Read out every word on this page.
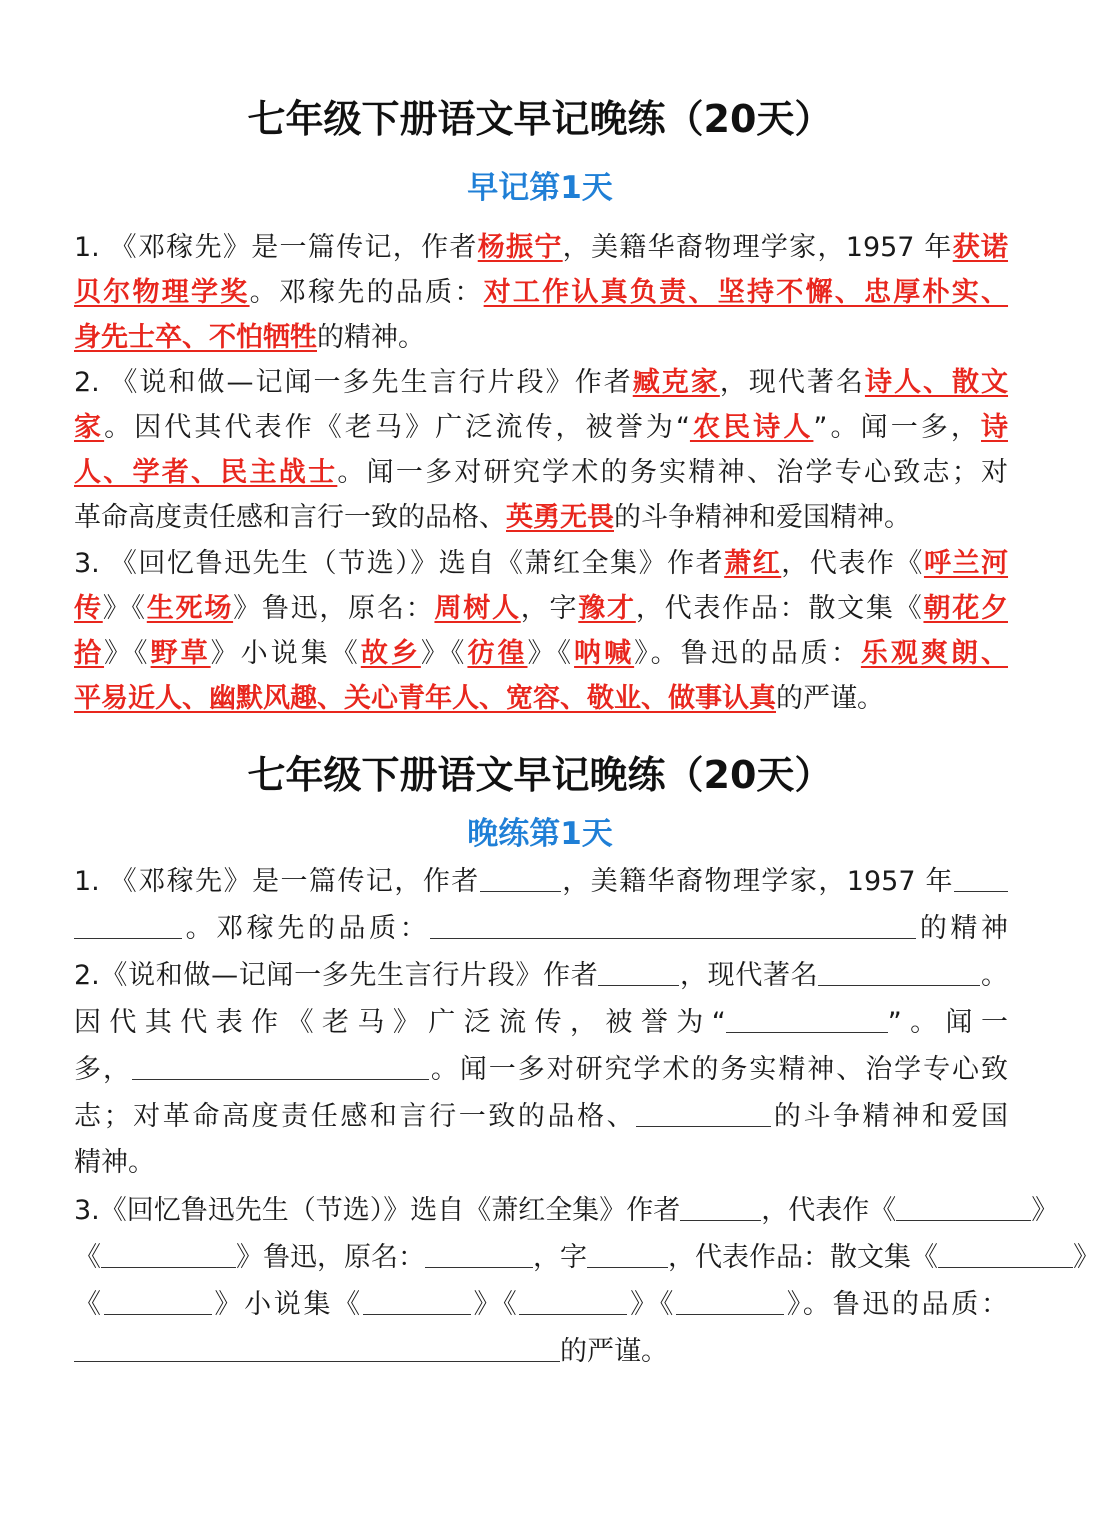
七年级下册语文早记晚练（20天）
早记第1天
1. 《邓稼先》是一篇传记，作者杨振宁，美籍华裔物理学家，1957 年获诺
贝尔物理学奖。邓稼先的品质：对工作认真负责、坚持不懈、忠厚朴实、
身先士卒、不怕牺牲的精神。
2. 《说和做—记闻一多先生言行片段》作者臧克家，现代著名诗人、散文
家。因代其代表作《老马》广泛流传，被誉为“农民诗人”。闻一多，诗
人、学者、民主战士。闻一多对研究学术的务实精神、治学专心致志；对
革命高度责任感和言行一致的品格、英勇无畏的斗争精神和爱国精神。
3. 《回忆鲁迅先生（节选）》选自《萧红全集》作者萧红，代表作《呼兰河
传》《生死场》鲁迅，原名：周树人，字豫才，代表作品：散文集《朝花夕
拾》《野草》小说集《故乡》《彷徨》《呐喊》。鲁迅的品质：乐观爽朗、
平易近人、幽默风趣、关心青年人、宽容、敬业、做事认真的严谨。
七年级下册语文早记晚练（20天）
晚练第1天
1. 《邓稼先》是一篇传记，作者	，美籍华裔物理学家，1957 年
。邓稼先的品质：	的精神
2.《说和做—记闻一多先生言行片段》作者	，现代著名	。
因代其代表作《老马》广泛流传，被誉为“	”。闻一
多，	。闻一多对研究学术的务实精神、治学专心致
志；对革命高度责任感和言行一致的品格、	的斗争精神和爱国
精神。
3.《回忆鲁迅先生（节选）》选自《萧红全集》作者	，代表作《	》
《	》鲁迅，原名：	，字	，代表作品：散文集《	》
《	》小说集《	》《	》《	》。鲁迅的品质：
的严谨。
